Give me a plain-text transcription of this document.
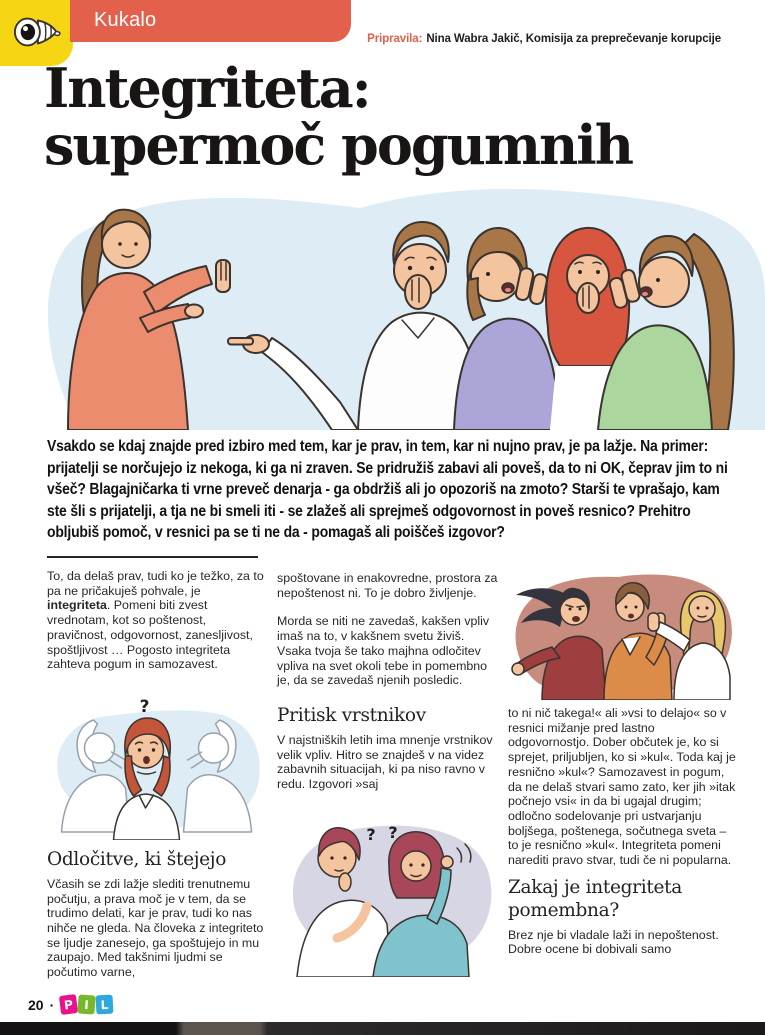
Kukalo
Pripravila: Nina Wabra Jakič, Komisija za preprečevanje korupcije
Integriteta:
supermoč pogumnih

Vsakdo se kdaj znajde pred izbiro med tem, kar je prav, in tem, kar ni nujno prav, je pa lažje. Na primer: prijatelji se norčujejo iz nekoga, ki ga ni zraven. Se pridružiš zabavi ali poveš, da to ni OK, čeprav jim to ni všeč? Blagajničarka ti vrne preveč denarja - ga obdržiš ali jo opozoriš na zmoto? Starši te vprašajo, kam ste šli s prijatelji, a tja ne bi smeli iti - se zlažeš ali sprejmeš odgovornost in poveš resnico? Prehitro obljubiš pomoč, v resnici pa se ti ne da - pomagaš ali poiščeš izgovor?

To, da delaš prav, tudi ko je težko, za to pa ne pričakuješ pohvale, je integriteta. Pomeni biti zvest vrednotam, kot so poštenost, pravičnost, odgovornost, zanesljivost, spoštljivost … Pogosto integriteta zahteva pogum in samozavest.

?
Odločitve, ki štejejo

Včasih se zdi lažje slediti trenutnemu počutju, a prava moč je v tem, da se trudimo delati, kar je prav, tudi ko nas nihče ne gleda. Na človeka z integriteto se ljudje zanesejo, ga spoštujejo in mu zaupajo. Med takšnimi ljudmi se počutimo varne,

spoštovane in enakovredne, prostora za nepoštenost ni. To je dobro življenje.

Morda se niti ne zavedaš, kakšen vpliv imaš na to, v kakšnem svetu živiš. Vsaka tvoja še tako majhna odločitev vpliva na svet okoli tebe in pomembno je, da se zavedaš njenih posledic.

Pritisk vrstnikov

V najstniških letih ima mnenje vrstnikov velik vpliv. Hitro se znajdeš v na videz zabavnih situacijah, ki pa niso ravno v redu. Izgovori »saj

? ?

to ni nič takega!« ali »vsi to delajo« so v resnici mižanje pred lastno odgovornostjo. Dober občutek je, ko si sprejet, priljubljen, ko si »kul«. Toda kaj je resnično »kul«? Samozavest in pogum, da ne delaš stvari samo zato, ker jih »itak počnejo vsi« in da bi ugajal drugim; odločno sodelovanje pri ustvarjanju boljšega, poštenega, sočutnega sveta – to je resnično »kul«. Integriteta pomeni narediti pravo stvar, tudi če ni popularna.

Zakaj je integriteta pomembna?

Brez nje bi vladale laži in nepoštenost. Dobre ocene bi dobivali samo

20 · P I L
